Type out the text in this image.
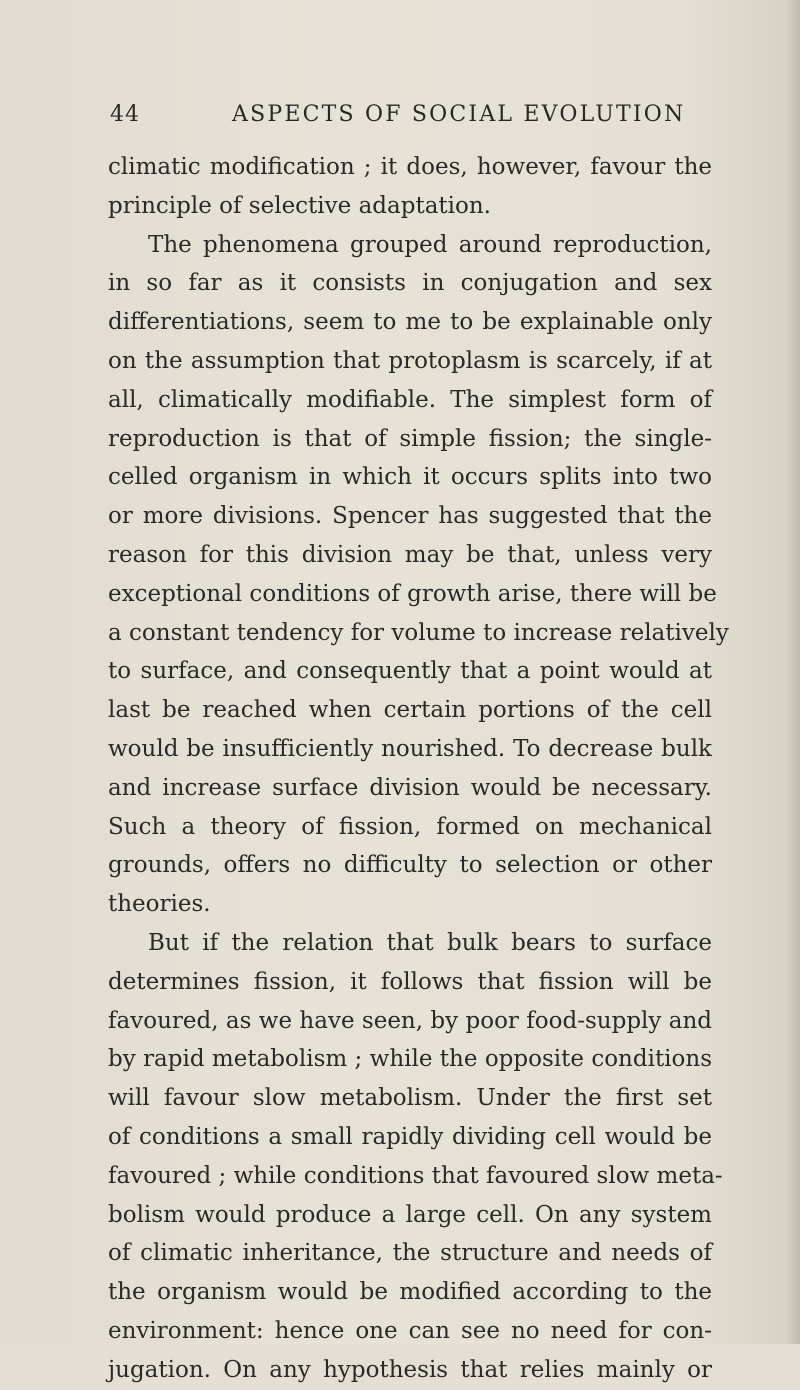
44	ASPECTS OF SOCIAL EVOLUTION
climatic modification ; it does, however, favour the
principle of selective adaptation.
The phenomena grouped around reproduction,
in so far as it consists in conjugation and sex
differentiations, seem to me to be explainable only
on the assumption that protoplasm is scarcely, if at
all, climatically modifiable. The simplest form of
reproduction is that of simple fission; the single-
celled organism in which it occurs splits into two
or more divisions. Spencer has suggested that the
reason for this division may be that, unless very
exceptional conditions of growth arise, there will be
a constant tendency for volume to increase relatively
to surface, and consequently that a point would at
last be reached when certain portions of the cell
would be insufficiently nourished. To decrease bulk
and increase surface division would be necessary.
Such a theory of fission, formed on mechanical
grounds, offers no difficulty to selection or other
theories.
But if the relation that bulk bears to surface
determines fission, it follows that fission will be
favoured, as we have seen, by poor food-supply and
by rapid metabolism ; while the opposite conditions
will favour slow metabolism. Under the first set
of conditions a small rapidly dividing cell would be
favoured ; while conditions that favoured slow meta-
bolism would produce a large cell. On any system
of climatic inheritance, the structure and needs of
the organism would be modified according to the
environment: hence one can see no need for con-
jugation. On any hypothesis that relies mainly or
